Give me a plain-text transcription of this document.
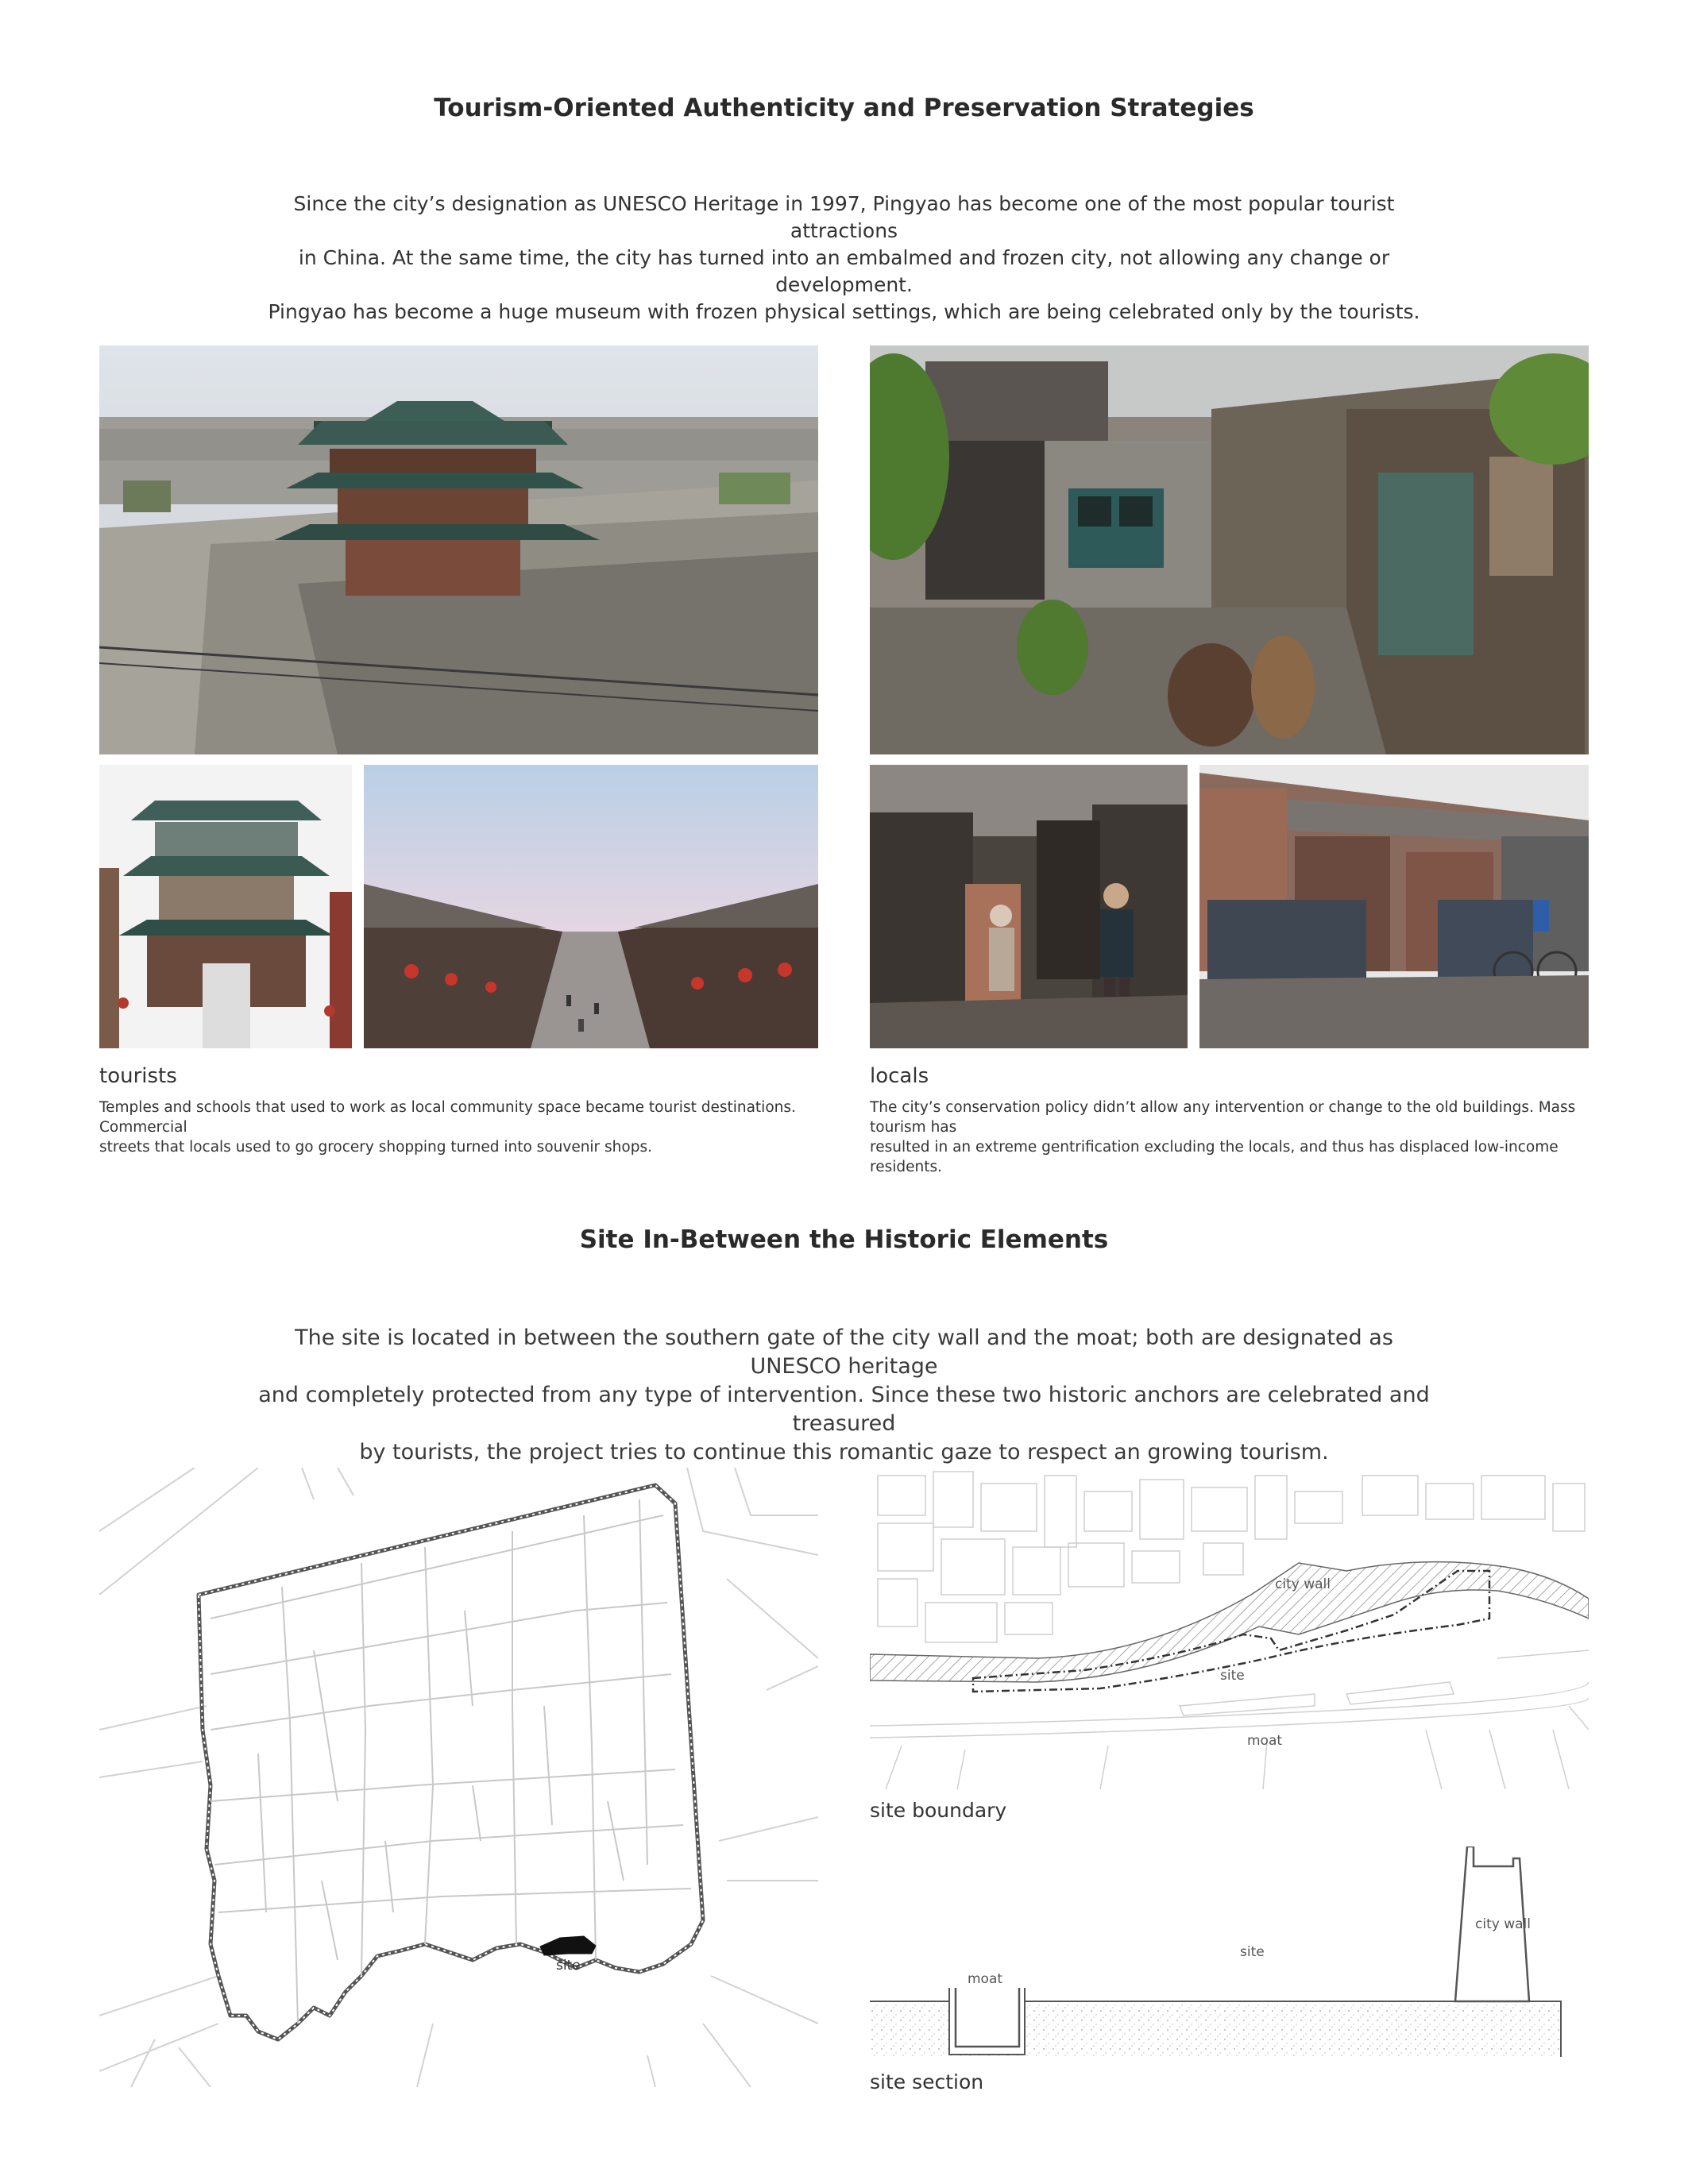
Tourism-Oriented Authenticity and Preservation Strategies
Since the city’s designation as UNESCO Heritage in 1997, Pingyao has become one of the most popular tourist attractions
in China. At the same time, the city has turned into an embalmed and frozen city, not allowing any change or development.
Pingyao has become a huge museum with frozen physical settings, which are being celebrated only by the tourists.
tourists
Temples and schools that used to work as local community space became tourist destinations. Commercial
streets that locals used to go grocery shopping turned into souvenir shops.
locals
The city’s conservation policy didn’t allow any intervention or change to the old buildings. Mass tourism has
resulted in an extreme gentrification excluding the locals, and thus has displaced low-income residents.
Site In-Between the Historic Elements
The site is located in between the southern gate of the city wall and the moat; both are designated as UNESCO heritage
and completely protected from any type of intervention. Since these two historic anchors are celebrated and treasured
by tourists, the project tries to continue this romantic gaze to respect an growing tourism.
site
city wall
site
moat
site boundary
moat
site
city wall
site section
